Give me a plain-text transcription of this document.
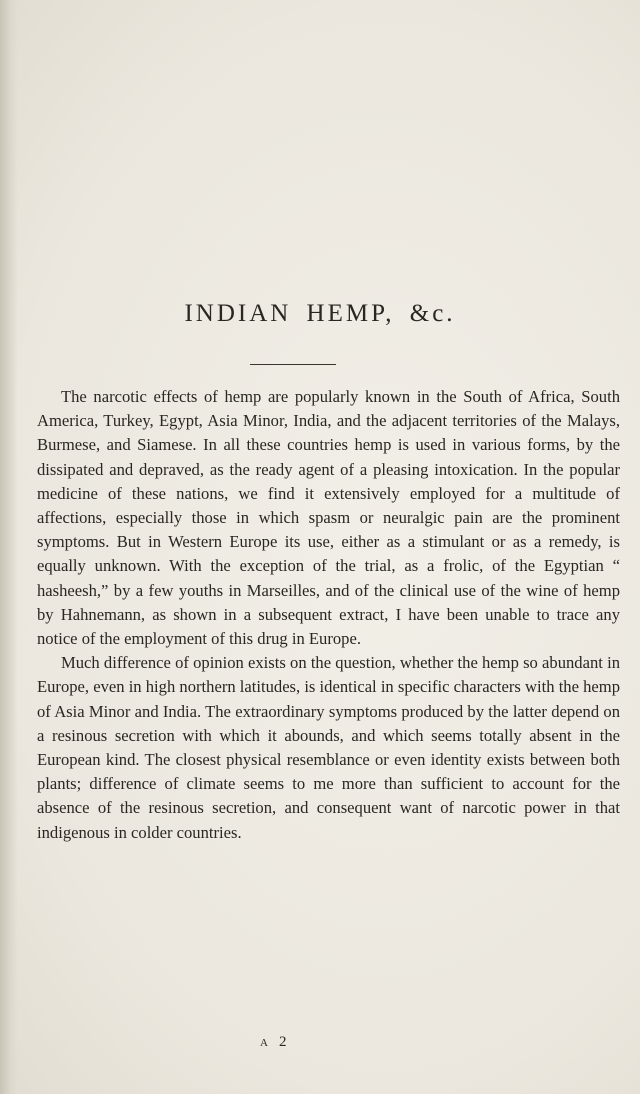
INDIAN HEMP, &c.

The narcotic effects of hemp are popularly known in the South of Africa, South America, Turkey, Egypt, Asia Minor, India, and the adjacent territories of the Malays, Burmese, and Siamese. In all these countries hemp is used in various forms, by the dissipated and depraved, as the ready agent of a pleasing intoxication. In the popular medicine of these nations, we find it extensively employed for a multitude of affections, especially those in which spasm or neuralgic pain are the prominent symptoms. But in Western Europe its use, either as a stimulant or as a remedy, is equally unknown. With the exception of the trial, as a frolic, of the Egyptian “ hasheesh,” by a few youths in Marseilles, and of the clinical use of the wine of hemp by Hahnemann, as shown in a subsequent extract, I have been unable to trace any notice of the employment of this drug in Europe.

Much difference of opinion exists on the question, whether the hemp so abundant in Europe, even in high northern latitudes, is identical in specific characters with the hemp of Asia Minor and India. The extraordinary symptoms produced by the latter depend on a resinous secretion with which it abounds, and which seems totally absent in the European kind. The closest physical resemblance or even identity exists between both plants; difference of climate seems to me more than sufficient to account for the absence of the resinous secretion, and consequent want of narcotic power in that indigenous in colder countries.

A 2
